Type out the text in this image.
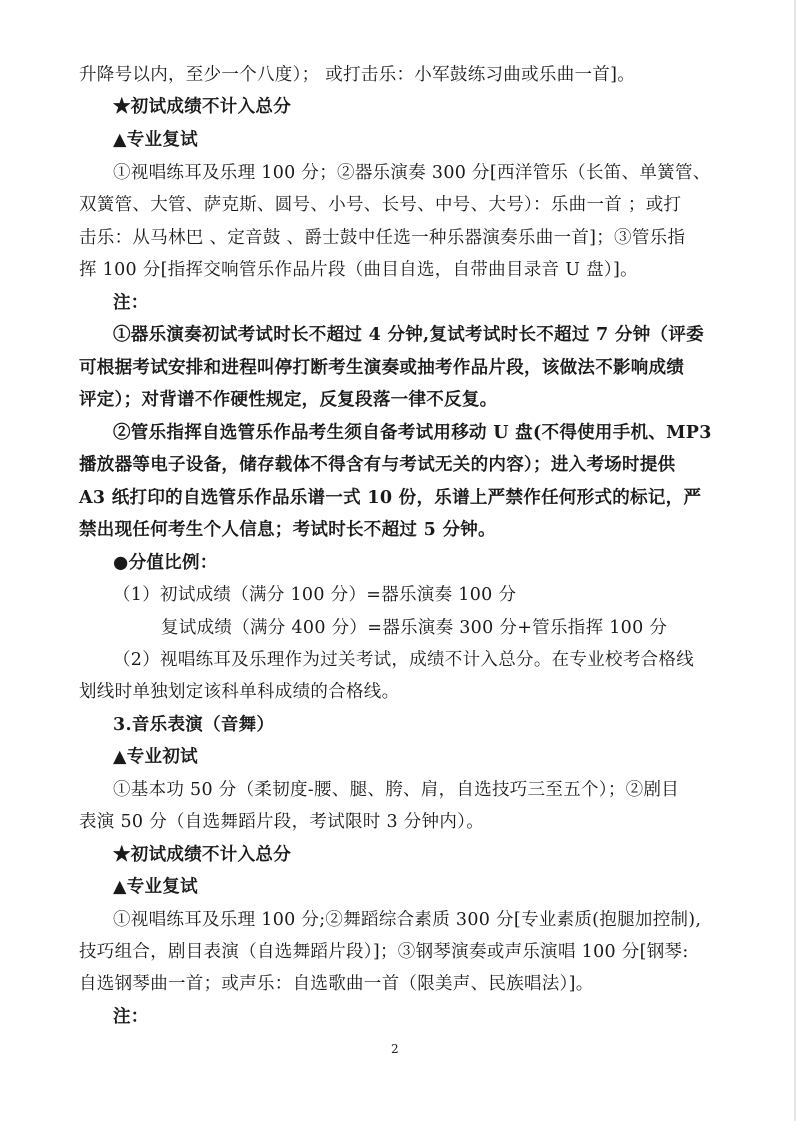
升降号以内，至少一个八度）； 或打击乐：小军鼓练习曲或乐曲一首]。
★初试成绩不计入总分
▲专业复试
①视唱练耳及乐理 100 分；②器乐演奏 300 分[西洋管乐（长笛、单簧管、
双簧管、大管、萨克斯、圆号、小号、长号、中号、大号）：乐曲一首 ；或打
击乐：从马林巴 、定音鼓 、爵士鼓中任选一种乐器演奏乐曲一首]；③管乐指
挥 100 分[指挥交响管乐作品片段（曲目自选，自带曲目录音 U 盘）]。
注：
①器乐演奏初试考试时长不超过 4 分钟,复试考试时长不超过 7 分钟（评委
可根据考试安排和进程叫停打断考生演奏或抽考作品片段，该做法不影响成绩
评定）；对背谱不作硬性规定，反复段落一律不反复。
②管乐指挥自选管乐作品考生须自备考试用移动 U 盘(不得使用手机、MP3
播放器等电子设备，储存载体不得含有与考试无关的内容）；进入考场时提供
A3 纸打印的自选管乐作品乐谱一式 10 份，乐谱上严禁作任何形式的标记，严
禁出现任何考生个人信息；考试时长不超过 5 分钟。
●分值比例：
（1）初试成绩（满分 100 分）=器乐演奏 100 分
复试成绩（满分 400 分）=器乐演奏 300 分+管乐指挥 100 分
（2）视唱练耳及乐理作为过关考试，成绩不计入总分。在专业校考合格线
划线时单独划定该科单科成绩的合格线。
3.音乐表演（音舞）
▲专业初试
①基本功 50 分（柔韧度-腰、腿、胯、肩，自选技巧三至五个）；②剧目
表演 50 分（自选舞蹈片段，考试限时 3 分钟内）。
★初试成绩不计入总分
▲专业复试
①视唱练耳及乐理 100 分;②舞蹈综合素质 300 分[专业素质(抱腿加控制),
技巧组合，剧目表演（自选舞蹈片段）]；③钢琴演奏或声乐演唱 100 分[钢琴:
自选钢琴曲一首；或声乐：自选歌曲一首（限美声、民族唱法）]。
注：
2
